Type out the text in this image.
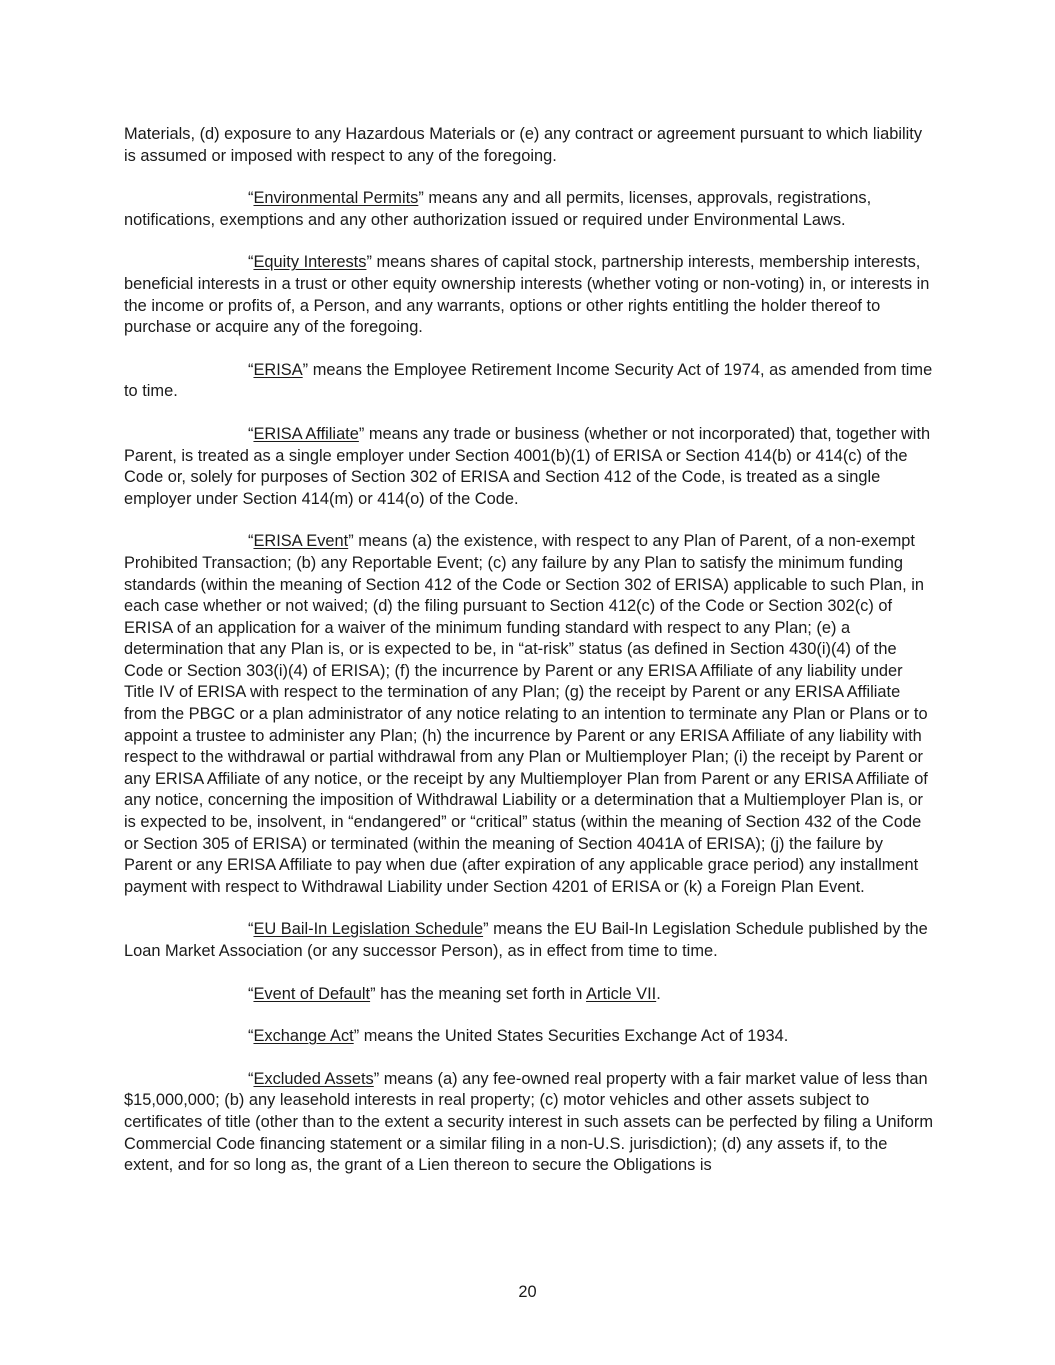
Materials, (d) exposure to any Hazardous Materials or (e) any contract or agreement pursuant to which liability is assumed or imposed with respect to any of the foregoing.

“Environmental Permits” means any and all permits, licenses, approvals, registrations, notifications, exemptions and any other authorization issued or required under Environmental Laws.

“Equity Interests” means shares of capital stock, partnership interests, membership interests, beneficial interests in a trust or other equity ownership interests (whether voting or non-voting) in, or interests in the income or profits of, a Person, and any warrants, options or other rights entitling the holder thereof to purchase or acquire any of the foregoing.

“ERISA” means the Employee Retirement Income Security Act of 1974, as amended from time to time.

“ERISA Affiliate” means any trade or business (whether or not incorporated) that, together with Parent, is treated as a single employer under Section 4001(b)(1) of ERISA or Section 414(b) or 414(c) of the Code or, solely for purposes of Section 302 of ERISA and Section 412 of the Code, is treated as a single employer under Section 414(m) or 414(o) of the Code.

“ERISA Event” means (a) the existence, with respect to any Plan of Parent, of a non-exempt Prohibited Transaction; (b) any Reportable Event; (c) any failure by any Plan to satisfy the minimum funding standards (within the meaning of Section 412 of the Code or Section 302 of ERISA) applicable to such Plan, in each case whether or not waived; (d) the filing pursuant to Section 412(c) of the Code or Section 302(c) of ERISA of an application for a waiver of the minimum funding standard with respect to any Plan; (e) a determination that any Plan is, or is expected to be, in “at-risk” status (as defined in Section 430(i)(4) of the Code or Section 303(i)(4) of ERISA); (f) the incurrence by Parent or any ERISA Affiliate of any liability under Title IV of ERISA with respect to the termination of any Plan; (g) the receipt by Parent or any ERISA Affiliate from the PBGC or a plan administrator of any notice relating to an intention to terminate any Plan or Plans or to appoint a trustee to administer any Plan; (h) the incurrence by Parent or any ERISA Affiliate of any liability with respect to the withdrawal or partial withdrawal from any Plan or Multiemployer Plan; (i) the receipt by Parent or any ERISA Affiliate of any notice, or the receipt by any Multiemployer Plan from Parent or any ERISA Affiliate of any notice, concerning the imposition of Withdrawal Liability or a determination that a Multiemployer Plan is, or is expected to be, insolvent, in “endangered” or “critical” status (within the meaning of Section 432 of the Code or Section 305 of ERISA) or terminated (within the meaning of Section 4041A of ERISA); (j) the failure by Parent or any ERISA Affiliate to pay when due (after expiration of any applicable grace period) any installment payment with respect to Withdrawal Liability under Section 4201 of ERISA or (k) a Foreign Plan Event.

“EU Bail-In Legislation Schedule” means the EU Bail-In Legislation Schedule published by the Loan Market Association (or any successor Person), as in effect from time to time.

“Event of Default” has the meaning set forth in Article VII.

“Exchange Act” means the United States Securities Exchange Act of 1934.

“Excluded Assets” means (a) any fee-owned real property with a fair market value of less than $15,000,000; (b) any leasehold interests in real property; (c) motor vehicles and other assets subject to certificates of title (other than to the extent a security interest in such assets can be perfected by filing a Uniform Commercial Code financing statement or a similar filing in a non-U.S. jurisdiction); (d) any assets if, to the extent, and for so long as, the grant of a Lien thereon to secure the Obligations is

20
